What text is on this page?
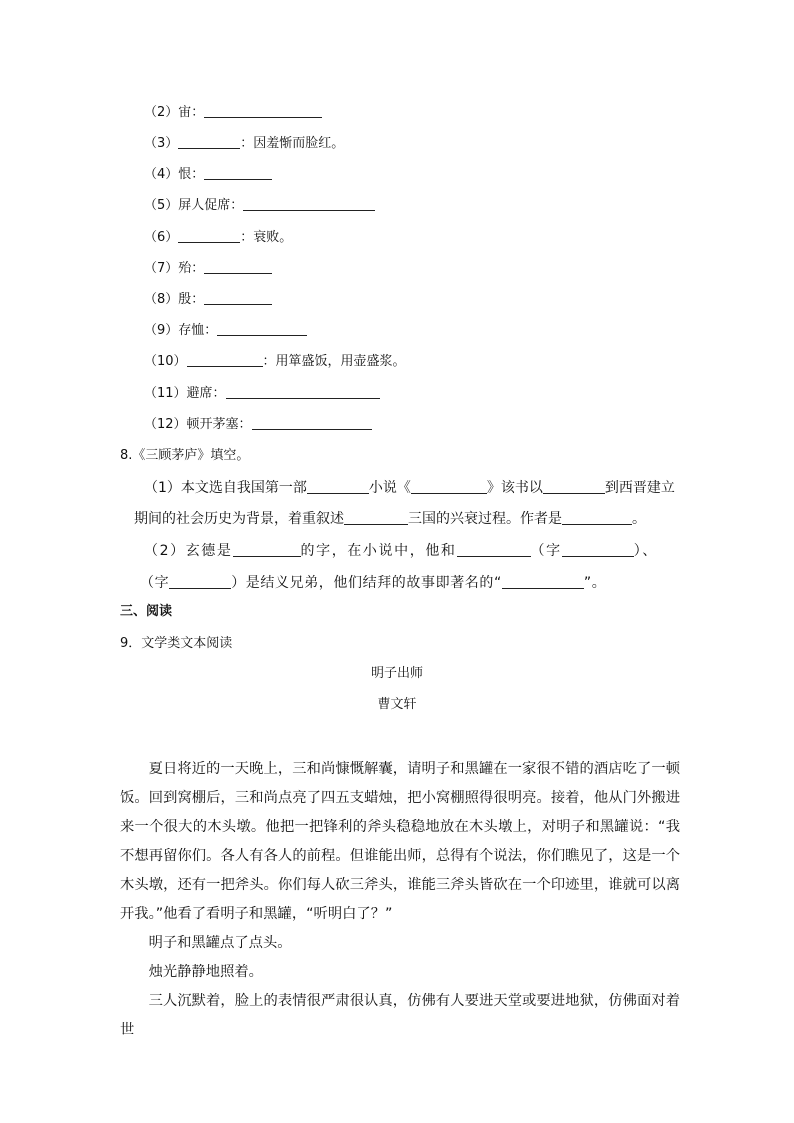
（2）宙：
（3）	：因羞惭而脸红。
（4）恨：
（5）屏人促席：
（6）	：衰败。
（7）殆：
（8）殷：
（9）存恤：
（10）	：用箪盛饭，用壶盛浆。
（11）避席：
（12）顿开茅塞：
8.《三顾茅庐》填空。
（1）本文选自我国第一部	小说《	》该书以	到西晋建立
期间的社会历史为背景，着重叙述	三国的兴衰过程。作者是	。
（2）玄德是	的字，在小说中，他和	（字	）、
（字	）是结义兄弟，他们结拜的故事即著名的“	”。
三、阅读
9．文学类文本阅读
明子出师
曹文轩

夏日将近的一天晚上，三和尚慷慨解囊，请明子和黑罐在一家很不错的酒店吃了一顿饭。回到窝棚后，三和尚点亮了四五支蜡烛，把小窝棚照得很明亮。接着，他从门外搬进来一个很大的木头墩。他把一把锋利的斧头稳稳地放在木头墩上，对明子和黑罐说：“我不想再留你们。各人有各人的前程。但谁能出师，总得有个说法，你们瞧见了，这是一个木头墩，还有一把斧头。你们每人砍三斧头，谁能三斧头皆砍在一个印迹里，谁就可以离开我。”他看了看明子和黑罐，“听明白了？”

明子和黑罐点了点头。

烛光静静地照着。

三人沉默着，脸上的表情很严肃很认真，仿佛有人要进天堂或要进地狱，仿佛面对着世
